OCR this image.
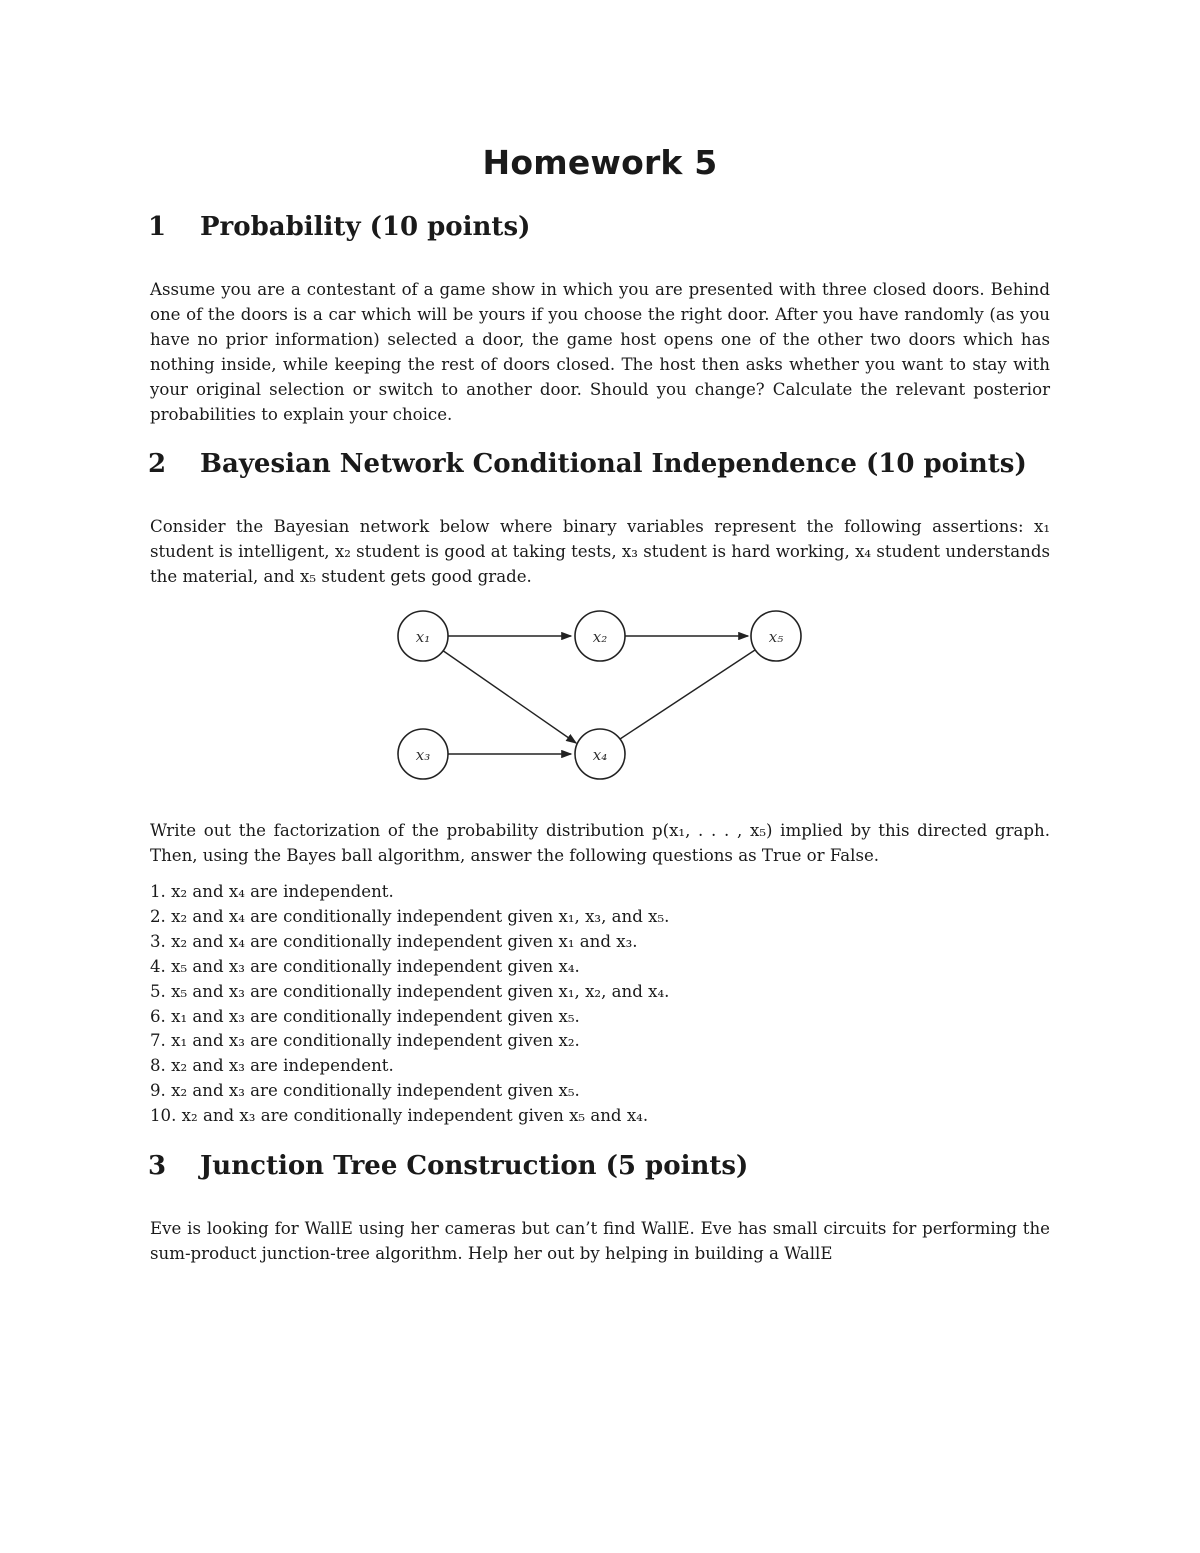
Homework 5
1 Probability (10 points)
Assume you are a contestant of a game show in which you are presented with three closed doors. Behind one of the doors is a car which will be yours if you choose the right door. After you have randomly (as you have no prior information) selected a door, the game host opens one of the other two doors which has nothing inside, while keeping the rest of doors closed. The host then asks whether you want to stay with your original selection or switch to another door. Should you change? Calculate the relevant posterior probabilities to explain your choice.
2 Bayesian Network Conditional Independence (10 points)
Consider the Bayesian network below where binary variables represent the following assertions: x₁ student is intelligent, x₂ student is good at taking tests, x₃ student is hard working, x₄ student understands the material, and x₅ student gets good grade.
x₁	x₂	x₅
x₃	x₄
Write out the factorization of the probability distribution p(x₁, . . . , x₅) implied by this directed graph. Then, using the Bayes ball algorithm, answer the following questions as True or False.
1. x₂ and x₄ are independent.
2. x₂ and x₄ are conditionally independent given x₁, x₃, and x₅.
3. x₂ and x₄ are conditionally independent given x₁ and x₃.
4. x₅ and x₃ are conditionally independent given x₄.
5. x₅ and x₃ are conditionally independent given x₁, x₂, and x₄.
6. x₁ and x₃ are conditionally independent given x₅.
7. x₁ and x₃ are conditionally independent given x₂.
8. x₂ and x₃ are independent.
9. x₂ and x₃ are conditionally independent given x₅.
10. x₂ and x₃ are conditionally independent given x₅ and x₄.
3 Junction Tree Construction (5 points)
Eve is looking for WallE using her cameras but can’t find WallE. Eve has small circuits for performing the sum-product junction-tree algorithm. Help her out by helping in building a WallE
